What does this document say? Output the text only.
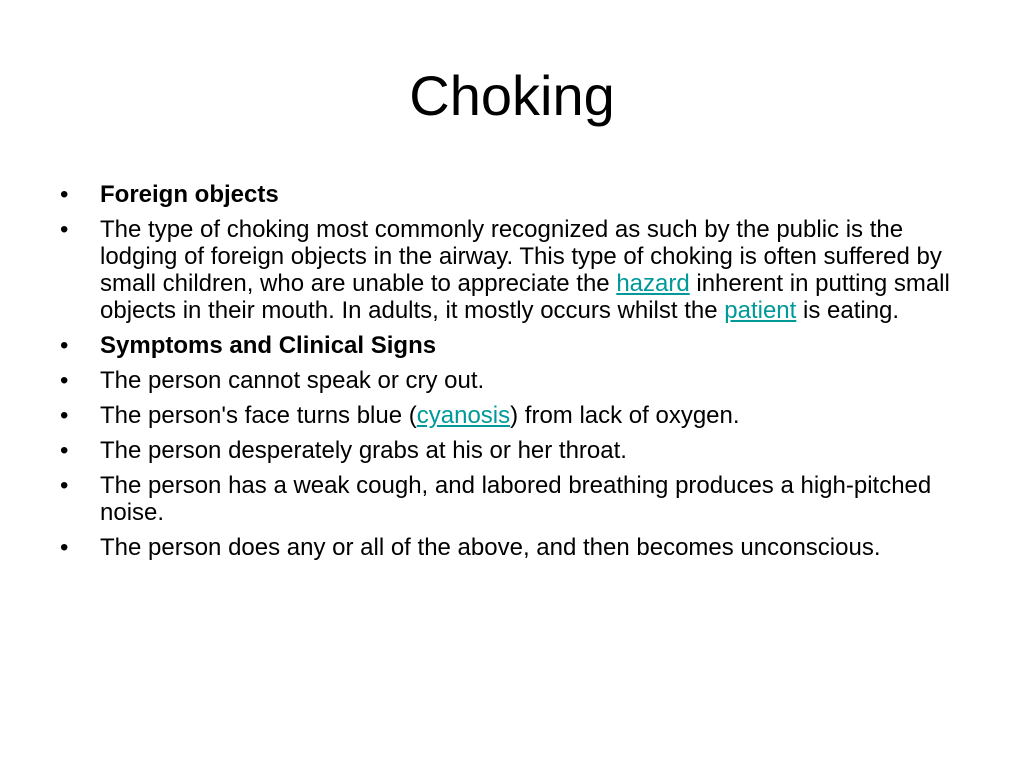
Choking
•	Foreign objects
•	The type of choking most commonly recognized as such by the public is the lodging of foreign objects in the airway. This type of choking is often suffered by small children, who are unable to appreciate the hazard inherent in putting small objects in their mouth. In adults, it mostly occurs whilst the patient is eating.
•	Symptoms and Clinical Signs
•	The person cannot speak or cry out.
•	The person's face turns blue (cyanosis) from lack of oxygen.
•	The person desperately grabs at his or her throat.
•	The person has a weak cough, and labored breathing produces a high-pitched noise.
•	The person does any or all of the above, and then becomes unconscious.
